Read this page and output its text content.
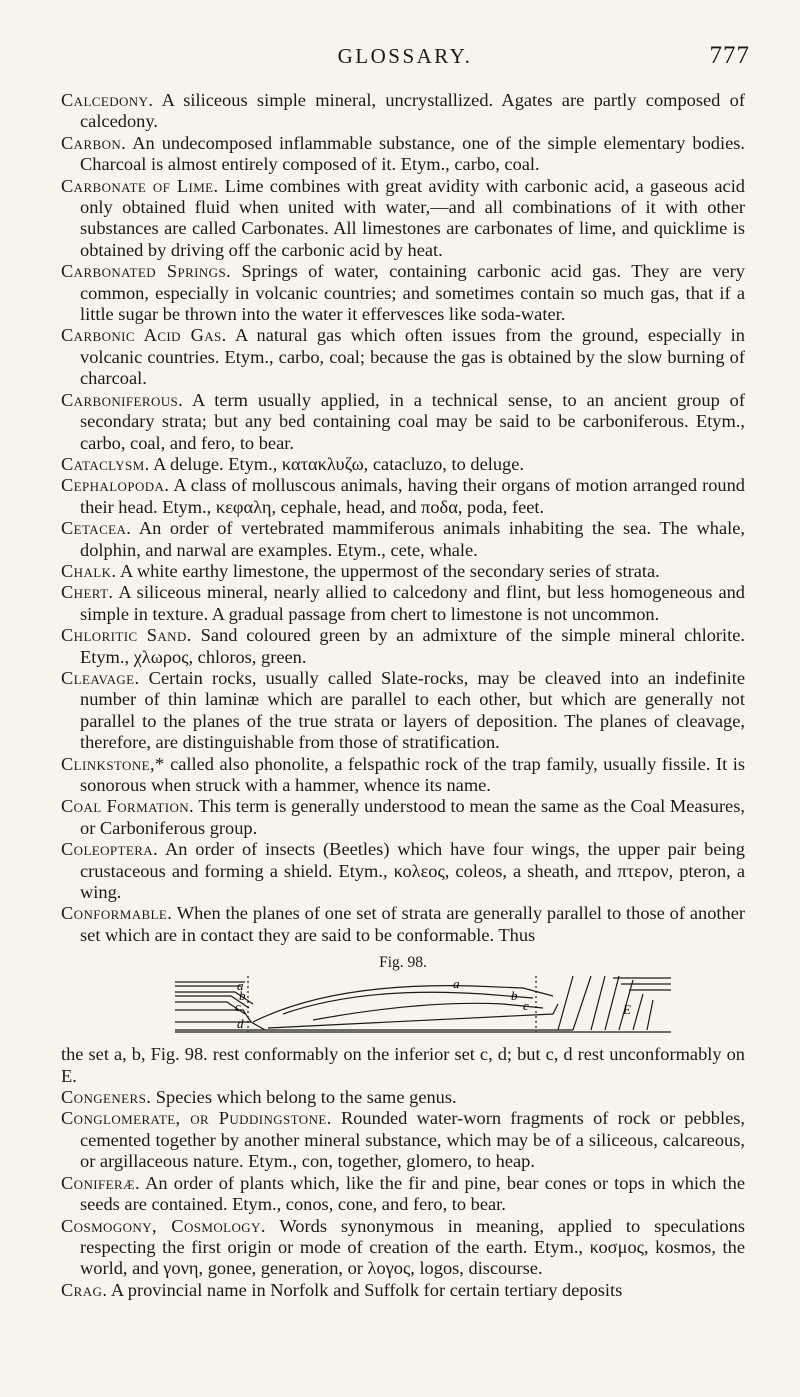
GLOSSARY.	777
Calcedony. A siliceous simple mineral, uncrystallized. Agates are partly composed of calcedony.
Carbon. An undecomposed inflammable substance, one of the simple elementary bodies. Charcoal is almost entirely composed of it. Etym., carbo, coal.
Carbonate of Lime. Lime combines with great avidity with carbonic acid, a gaseous acid only obtained fluid when united with water,—and all combinations of it with other substances are called Carbonates. All limestones are carbonates of lime, and quicklime is obtained by driving off the carbonic acid by heat.
Carbonated Springs. Springs of water, containing carbonic acid gas. They are very common, especially in volcanic countries; and sometimes contain so much gas, that if a little sugar be thrown into the water it effervesces like soda-water.
Carbonic Acid Gas. A natural gas which often issues from the ground, especially in volcanic countries. Etym., carbo, coal; because the gas is obtained by the slow burning of charcoal.
Carboniferous. A term usually applied, in a technical sense, to an ancient group of secondary strata; but any bed containing coal may be said to be carboniferous. Etym., carbo, coal, and fero, to bear.
Cataclysm. A deluge. Etym., κατακλυζω, catacluzo, to deluge.
Cephalopoda. A class of molluscous animals, having their organs of motion arranged round their head. Etym., κεφαλη, cephale, head, and ποδα, poda, feet.
Cetacea. An order of vertebrated mammiferous animals inhabiting the sea. The whale, dolphin, and narwal are examples. Etym., cete, whale.
Chalk. A white earthy limestone, the uppermost of the secondary series of strata.
Chert. A siliceous mineral, nearly allied to calcedony and flint, but less homogeneous and simple in texture. A gradual passage from chert to limestone is not uncommon.
Chloritic Sand. Sand coloured green by an admixture of the simple mineral chlorite. Etym., χλωρος, chloros, green.
Cleavage. Certain rocks, usually called Slate-rocks, may be cleaved into an indefinite number of thin laminæ which are parallel to each other, but which are generally not parallel to the planes of the true strata or layers of deposition. The planes of cleavage, therefore, are distinguishable from those of stratification.
Clinkstone,* called also phonolite, a felspathic rock of the trap family, usually fissile. It is sonorous when struck with a hammer, whence its name.
Coal Formation. This term is generally understood to mean the same as the Coal Measures, or Carboniferous group.
Coleoptera. An order of insects (Beetles) which have four wings, the upper pair being crustaceous and forming a shield. Etym., κολεος, coleos, a sheath, and πτερον, pteron, a wing.
Conformable. When the planes of one set of strata are generally parallel to those of another set which are in contact they are said to be conformable. Thus
Fig. 98.
a
b
c
d
a
b
c	E
the set a, b, Fig. 98. rest conformably on the inferior set c, d; but c, d rest unconformably on E.
Congeners. Species which belong to the same genus.
Conglomerate, or Puddingstone. Rounded water-worn fragments of rock or pebbles, cemented together by another mineral substance, which may be of a siliceous, calcareous, or argillaceous nature. Etym., con, together, glomero, to heap.
Coniferæ. An order of plants which, like the fir and pine, bear cones or tops in which the seeds are contained. Etym., conos, cone, and fero, to bear.
Cosmogony, Cosmology. Words synonymous in meaning, applied to speculations respecting the first origin or mode of creation of the earth. Etym., κοσμος, kosmos, the world, and γονη, gonee, generation, or λογος, logos, discourse.
Crag. A provincial name in Norfolk and Suffolk for certain tertiary deposits
